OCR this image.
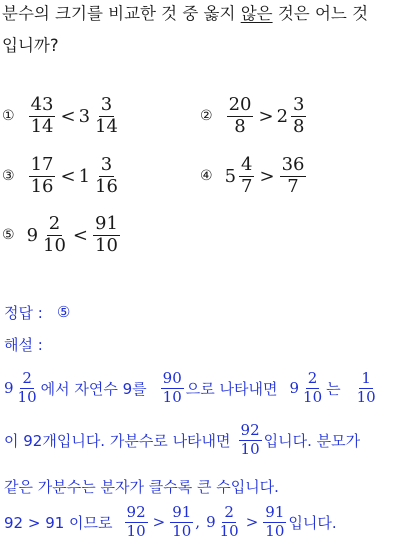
분수의 크기를 비교한 것 중 옳지 않은 것은 어느 것
입니까?
① $\frac{43}{14} < 3 \frac{3}{14}$	② $\frac{20}{8} > 2 \frac{3}{8}$
③ $\frac{17}{16} < 1 \frac{3}{16}$	④ $5 \frac{4}{7} > \frac{36}{7}$
⑤ $9 \frac{2}{10} < \frac{91}{10}$
정답 : ⑤
해설 :
$9 \frac{2}{10}$ 에서 자연수 9를 $\frac{90}{10}$ 으로 나타내면 $9 \frac{2}{10}$ 는 $\frac{1}{10}$
이 92개입니다. 가분수로 나타내면 $\frac{92}{10}$ 입니다. 분모가
같은 가분수는 분자가 클수록 큰 수입니다.
92 > 91 이므로 $\frac{92}{10} > \frac{91}{10}$ , $9 \frac{2}{10} > \frac{91}{10}$ 입니다.
